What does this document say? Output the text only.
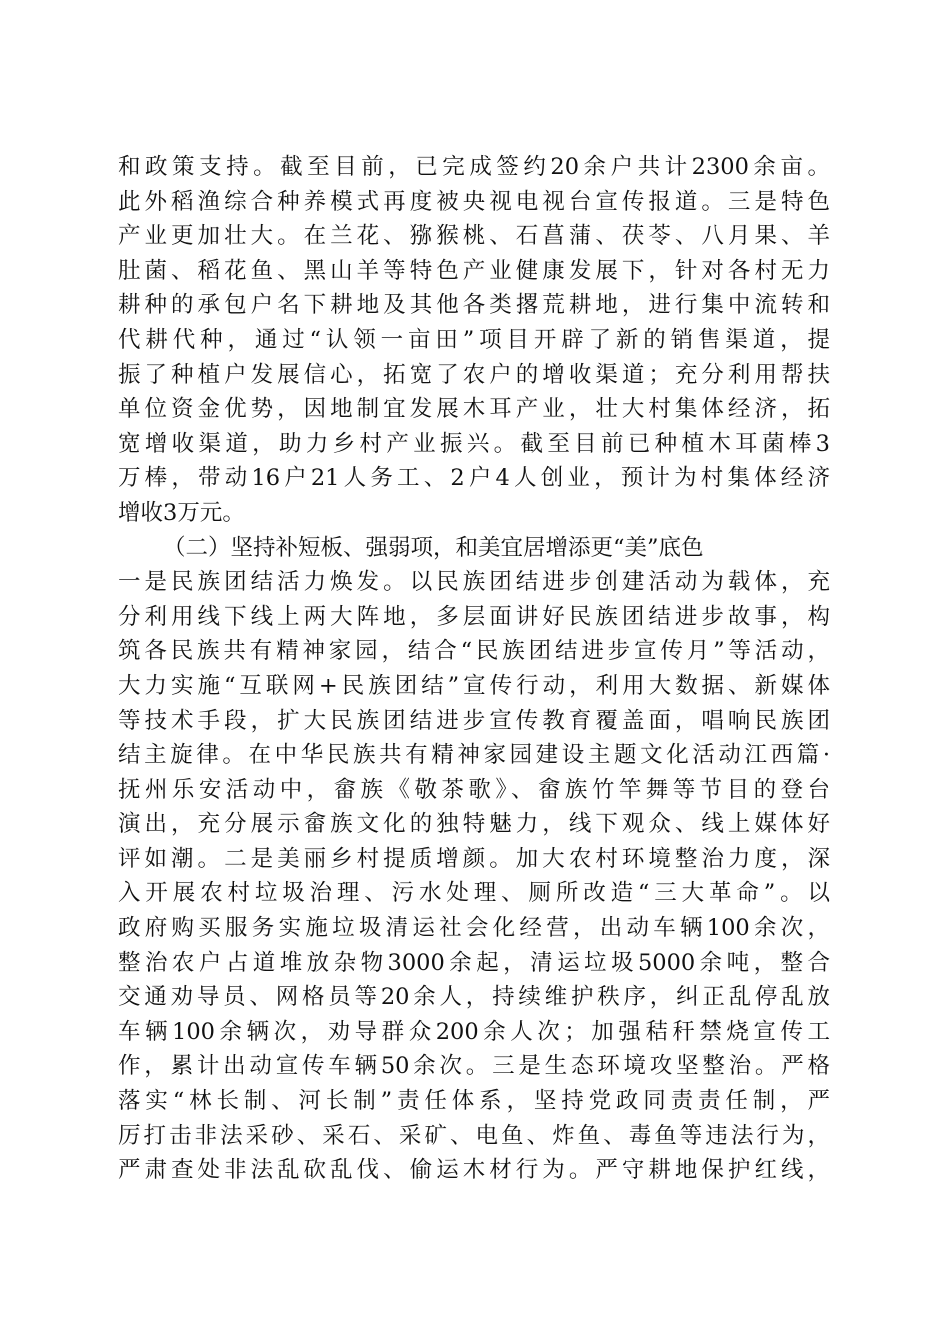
和政策支持。截至目前，已完成签约20余户共计2300余亩。
此外稻渔综合种养模式再度被央视电视台宣传报道。三是特色
产业更加壮大。在兰花、猕猴桃、石菖蒲、茯苓、八月果、羊
肚菌、稻花鱼、黑山羊等特色产业健康发展下，针对各村无力
耕种的承包户名下耕地及其他各类撂荒耕地，进行集中流转和
代耕代种，通过“认领一亩田”项目开辟了新的销售渠道，提
振了种植户发展信心，拓宽了农户的增收渠道；充分利用帮扶
单位资金优势，因地制宜发展木耳产业，壮大村集体经济，拓
宽增收渠道，助力乡村产业振兴。截至目前已种植木耳菌棒3
万棒，带动16户21人务工、2户4人创业，预计为村集体经济
增收3万元。
（二）坚持补短板、强弱项，和美宜居增添更“美”底色
一是民族团结活力焕发。以民族团结进步创建活动为载体，充
分利用线下线上两大阵地，多层面讲好民族团结进步故事，构
筑各民族共有精神家园，结合“民族团结进步宣传月”等活动，
大力实施“互联网+民族团结”宣传行动，利用大数据、新媒体
等技术手段，扩大民族团结进步宣传教育覆盖面，唱响民族团
结主旋律。在中华民族共有精神家园建设主题文化活动江西篇·
抚州乐安活动中，畲族《敬茶歌》、畲族竹竿舞等节目的登台
演出，充分展示畲族文化的独特魅力，线下观众、线上媒体好
评如潮。二是美丽乡村提质增颜。加大农村环境整治力度，深
入开展农村垃圾治理、污水处理、厕所改造“三大革命”。以
政府购买服务实施垃圾清运社会化经营，出动车辆100余次，
整治农户占道堆放杂物3000余起，清运垃圾5000余吨，整合
交通劝导员、网格员等20余人，持续维护秩序，纠正乱停乱放
车辆100余辆次，劝导群众200余人次；加强秸秆禁烧宣传工
作，累计出动宣传车辆50余次。三是生态环境攻坚整治。严格
落实“林长制、河长制”责任体系，坚持党政同责责任制，严
厉打击非法采砂、采石、采矿、电鱼、炸鱼、毒鱼等违法行为，
严肃查处非法乱砍乱伐、偷运木材行为。严守耕地保护红线，
